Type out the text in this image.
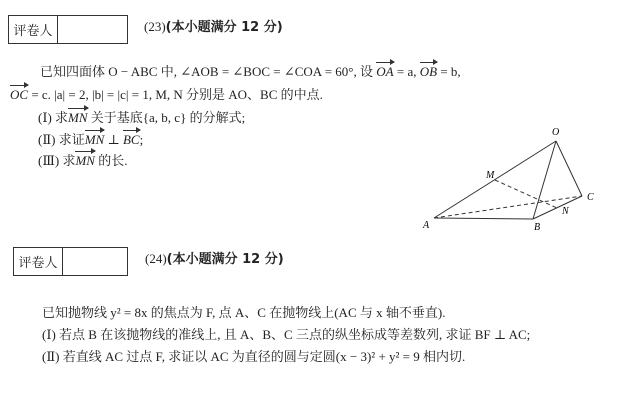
评卷人	(23)(本小题满分 12 分)
已知四面体 O − ABC 中, ∠AOB = ∠BOC = ∠COA = 60°, 设 OA = a, OB = b,
OC = c. |a| = 2, |b| = |c| = 1, M, N 分别是 AO、BC 的中点.
(Ⅰ) 求MN 关于基底{a, b, c} 的分解式;
(Ⅱ) 求证MN ⊥ BC;
(Ⅲ) 求MN 的长.
O
M
C
N
A	B
评卷人	(24)(本小题满分 12 分)
已知抛物线 y² = 8x 的焦点为 F, 点 A、C 在抛物线上(AC 与 x 轴不垂直).
(Ⅰ) 若点 B 在该抛物线的准线上, 且 A、B、C 三点的纵坐标成等差数列, 求证 BF ⊥ AC;
(Ⅱ) 若直线 AC 过点 F, 求证以 AC 为直径的圆与定圆(x − 3)² + y² = 9 相内切.
